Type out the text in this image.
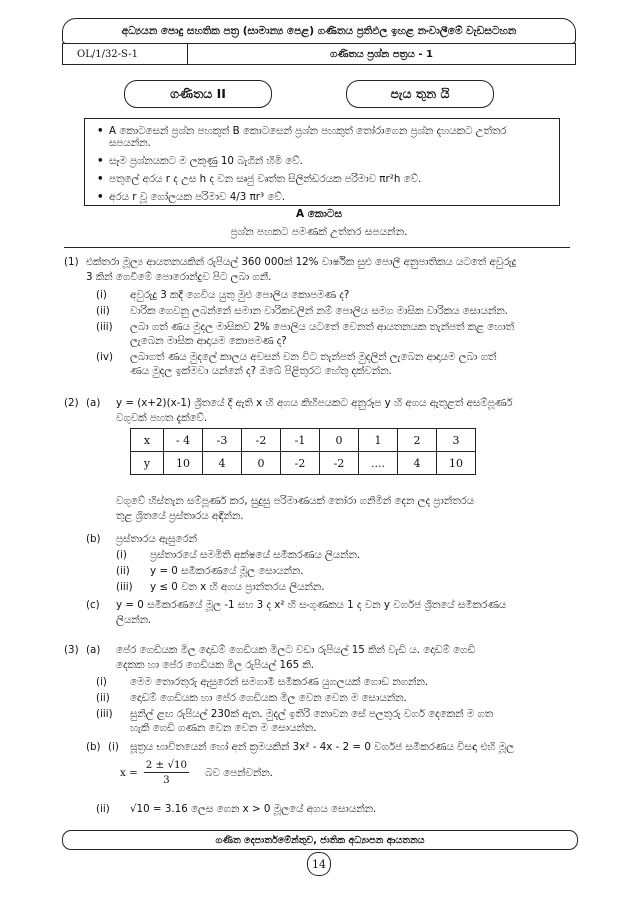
අධ්‍යයන පොදු සහතික පත්‍ර (සාමාන්‍ය පෙළ) ගණිතය ප්‍රතිඵල ඉහළ නංවාලීමේ වැඩසටහන
OL/1/32-S-1	ගණිතය ප්‍රශ්න පත්‍රය - 1
ගණිතය II	පැය තුන යි
• A කොටසෙන් ප්‍රශ්න පහකුත් B කොටසෙන් ප්‍රශ්න පහකුත් තෝරාගෙන ප්‍රශ්න දහයකට උත්තර සපයන්න.
• සෑම ප්‍රශ්නයකට ම ලකුණු 10 බැගින් හිමි වේ.
• පතුලේ අරය r ද උස h ද වන සෘජු වෘත්ත සිලින්ඩරයක පරිමාව πr²h වේ.
• අරය r වූ ගෝලයක පරිමාව 4/3 πr³ වේ.
A කොටස
ප්‍රශ්න පහකට පමණක් උත්තර සපයන්න.
(1) එක්තරා මූල්‍ය ආයතනයකින් රුපියල් 360 000ක් 12% වාර්ෂික සුළු පොලී අනුපාතිකය යටතේ අවුරුදු
3 කින් ගෙවීමේ පොරොන්දුව පිට ලබා ගනී.
(i) අවුරුදු 3 කදී ගෙවිය යුතු මුළු පොලිය කොපමණ ද?
(ii) වාරික ගෙවනු ලබන්නේ සමාන වාරිකවලින් නම් පොලිය සමග මාසික වාරිකය සොයන්න.
(iii) ලබා ගත් ණය මුදල මාසිකව 2% පොලිය යටතේ වෙනත් ආයතනයක තැන්පත් කළ හොත්
ලැබෙන මාසික ආදායම කොපමණ ද?
(iv) ලබාගත් ණය මුදලේ කාලය අවසන් වන විට තැන්පත් මුදලින් ලැබෙන ආදායම ලබා ගත්
ණය මුදල ඉක්මවා යන්නේ ද? ඔබේ පිළිතුරට හේතු දක්වන්න.
(2) (a) y = (x+2)(x-1) ශ්‍රිතයේ දී ඇති x හි අගය කිහිපයකට අනුරූප y හි අගය ඇතුළත් අසම්පූර්ණ
වගුවක් පහත දැක්වේ.
x	- 4	-3	-2	-1	0	1	2	3
y	10	4	0	-2	-2	....	4	10
වගුවේ හිස්තැන සම්පූර්ණ කර, සුදුසු පරිමාණයක් තෝරා ගනිමින් දෙන ලද ප්‍රාන්තරය
තුළ ශ්‍රිතයේ ප්‍රස්තාරය අඳින්න.
(b) ප්‍රස්තාරය ඇසුරෙන්
(i) ප්‍රස්තාරයේ සමමිති අක්ෂයේ සමීකරණය ලියන්න.
(ii) y = 0 සමීකරණයේ මූල සොයන්න.
(iii) y ≤ 0 වන x හි අගය ප්‍රාන්තරය ලියන්න.
(c) y = 0 සමීකරණයේ මූල -1 සහ 3 ද x² හි සංගුණකය 1 ද වන y වර්ගජ ශ්‍රිතයේ සමීකරණය
ලියන්න.
(3) (a) පේර ගෙඩියක මිල දොඩම් ගෙඩියක මිලට වඩා රුපියල් 15 කින් වැඩි ය. දොඩම් ගෙඩි
දෙකක හා පේර ගෙඩියක මිල රුපියල් 165 කි.
(i) මෙම තොරතුරු ඇසුරෙන් සමගාමී සමීකරණ යුගලයක් ගොඩ නගන්න.
(ii) දොඩම් ගෙඩියක හා පේර ගෙඩියක මිල වෙන වෙන ම සොයන්න.
(iii) සුනිල් ළඟ රුපියල් 230ක් ඇත. මුදල් ඉතිරි නොවන සේ පලතුරු වර්ග දෙකෙන් ම ගත
හැකි ගෙඩි ගණන වෙන වෙන ම සොයන්න.
(b) (i) සූත්‍රය භාවිතයෙන් හෝ අන් ක්‍රමයකින් 3x² - 4x - 2 = 0 වර්ගජ සමීකරණය විසඳා එහි මූල
$x = \frac{2 \pm √10}{3}$ බව පෙන්වන්න.
(ii) √10 = 3.16 ලෙස ගෙන x > 0 මූලයේ අගය සොයන්න.
ගණිත දෙපාර්තමේන්තුව, ජාතික අධ්‍යාපන ආයතනය
14
